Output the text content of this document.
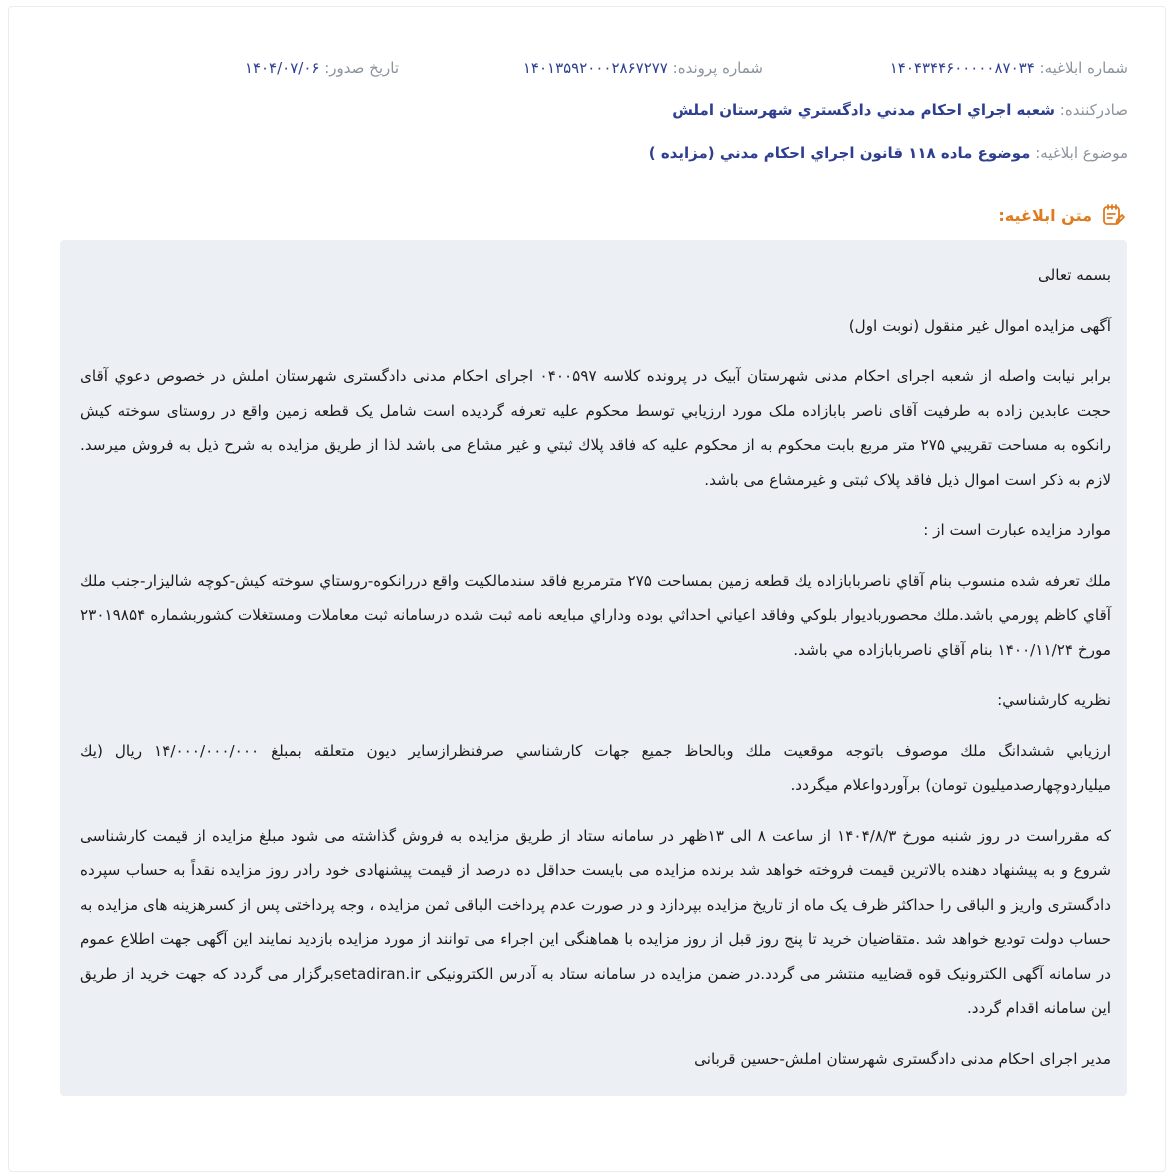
شماره ابلاغیه: ۱۴۰۴۳۴۴۶۰۰۰۰۰۸۷۰۳۴
شماره پرونده: ۱۴۰۱۳۵۹۲۰۰۰۲۸۶۷۲۷۷
تاریخ صدور: ۱۴۰۴/۰۷/۰۶
صادرکننده: شعبه اجراي احکام مدني دادگستري شهرستان املش
موضوع ابلاغیه: موضوع ماده ۱۱۸ قانون اجراي احکام مدني (مزايده )
متن ابلاغیه:

بسمه تعالی

آگهی مزایده اموال غیر منقول (نوبت اول)

برابر نیابت واصله از شعبه اجرای احکام مدنی شهرستان آبیک در پرونده کلاسه ۰۴۰۰۵۹۷ اجرای احکام مدنی دادگستری شهرستان املش در خصوص دعوي آقای حجت عابدین زاده به طرفیت آقای ناصر بابازاده ملک مورد ارزیابي توسط محکوم علیه تعرفه گردیده است شامل یک قطعه زمین واقع در روستای سوخته کیش رانکوه به مساحت تقریبي ۲۷۵ متر مربع بابت محکوم به از محکوم علیه که فاقد پلاك ثبتي و غیر مشاع می باشد لذا از طریق مزایده به شرح ذیل به فروش میرسد. لازم به ذکر است اموال ذیل فاقد پلاک ثبتی و غیرمشاع می باشد.

موارد مزایده عبارت است از :

ملك تعرفه شده منسوب بنام آقاي ناصربابازاده يك قطعه زمين بمساحت ۲۷۵ مترمربع فاقد سندمالكيت واقع دررانكوه-روستاي سوخته كيش-كوچه شاليزار-جنب ملك آقاي كاظم پورمي باشد.ملك محصوربادیوار بلوكي وفاقد اعياني احداثي بوده وداراي مبايعه نامه ثبت شده درسامانه ثبت معاملات ومستغلات كشوربشماره ۲۳۰۱۹۸۵۴ مورخ ۱۴۰۰/۱۱/۲۴ بنام آقاي ناصربابازاده مي باشد.

نظريه كارشناسي:

ارزيابي ششدانگ ملك موصوف باتوجه موقعيت ملك وبالحاظ جميع جهات كارشناسي صرفنظرازساير ديون متعلقه بمبلغ ۱۴/۰۰۰/۰۰۰/۰۰۰ ريال (يك ميلياردوچهارصدميليون تومان) برآوردواعلام ميگردد.

که مقرراست در روز شنبه مورخ ۱۴۰۴/۸/۳ از ساعت ۸ الی ۱۳ظهر در سامانه ستاد از طریق مزایده به فروش گذاشته می شود مبلغ مزایده از قیمت کارشناسی شروع و به پیشنهاد دهنده بالاترین قیمت فروخته خواهد شد برنده مزایده می بایست حداقل ده درصد از قیمت پیشنهادی خود رادر روز مزایده نقداً به حساب سپرده دادگستری واریز و الباقی را حداکثر ظرف یک ماه از تاریخ مزایده بپردازد و در صورت عدم پرداخت الباقی ثمن مزایده ، وجه پرداختی پس از کسرهزینه های مزایده به حساب دولت تودیع خواهد شد .متقاضیان خرید تا پنج روز قبل از روز مزایده با هماهنگی این اجراء می توانند از مورد مزایده بازدید نمایند این آگهی جهت اطلاع عموم در سامانه آگهی الکترونیک قوه قضاییه منتشر می گردد.در ضمن مزایده در سامانه ستاد به آدرس الکترونیکی setadiran.irبرگزار می گردد که جهت خرید از طریق این سامانه اقدام گردد.

مدیر اجرای احکام مدنی دادگستری شهرستان املش-حسین قربانی
